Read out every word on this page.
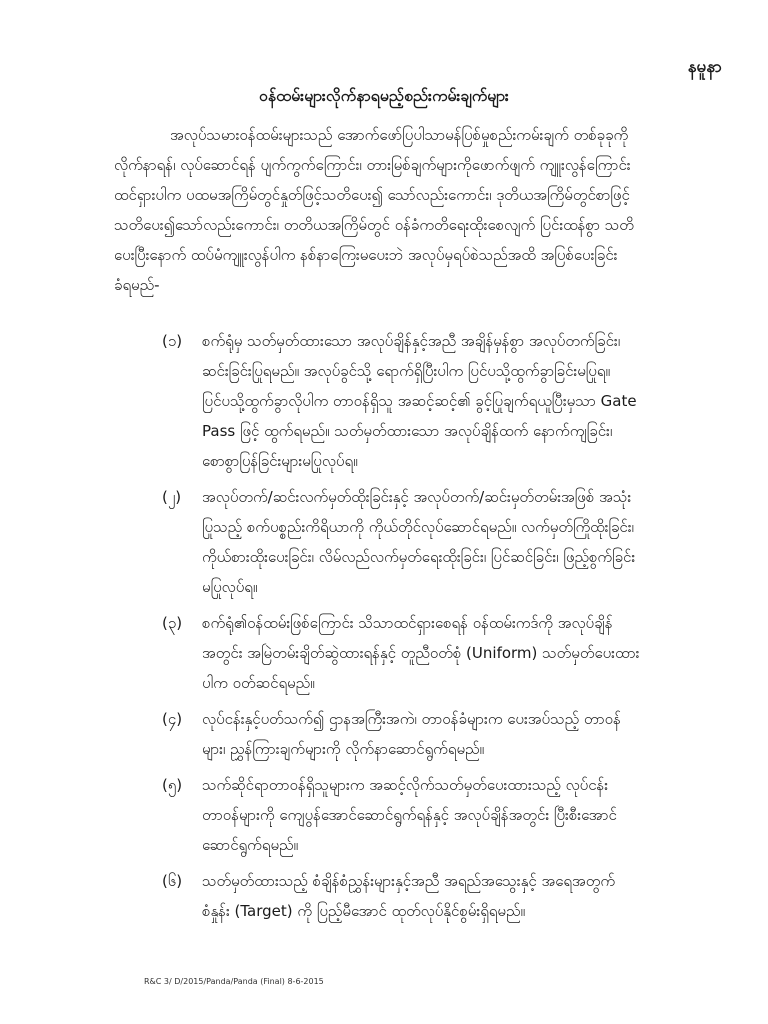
နမူနာ
ဝန်ထမ်းများလိုက်နာရမည့်စည်းကမ်းချက်များ
အလုပ်သမားဝန်ထမ်းများသည် အောက်ဖော်ပြပါသာမန်ပြစ်မှုစည်းကမ်းချက် တစ်ခုခုကို
လိုက်နာရန်၊ လုပ်ဆောင်ရန် ပျက်ကွက်ကြောင်း၊ တားမြစ်ချက်များကိုဖောက်ဖျက် ကျူးလွန်ကြောင်း
ထင်ရှားပါက ပထမအကြိမ်တွင်နှုတ်ဖြင့်သတိပေး၍ သော်လည်းကောင်း၊ ဒုတိယအကြိမ်တွင်စာဖြင့်
သတိပေး၍သော်လည်းကောင်း၊ တတိယအကြိမ်တွင် ဝန်ခံကတိရေးထိုးစေလျက် ပြင်းထန်စွာ သတိ
ပေးပြီးနောက် ထပ်မံကျူးလွန်ပါက နစ်နာကြေးမပေးဘဲ အလုပ်မှရပ်စဲသည်အထိ အပြစ်ပေးခြင်း
ခံရမည်-
(၁) စက်ရုံမှ သတ်မှတ်ထားသော အလုပ်ချိန်နှင့်အညီ အချိန်မှန်စွာ အလုပ်တက်ခြင်း၊
ဆင်းခြင်းပြုရမည်။ အလုပ်ခွင်သို့ ရောက်ရှိပြီးပါက ပြင်ပသို့ထွက်ခွာခြင်းမပြုရ။
ပြင်ပသို့ထွက်ခွာလိုပါက တာဝန်ရှိသူ အဆင့်ဆင့်၏ ခွင့်ပြုချက်ရယူပြီးမှသာ Gate
Pass ဖြင့် ထွက်ရမည်။ သတ်မှတ်ထားသော အလုပ်ချိန်ထက် နောက်ကျခြင်း၊
စောစွာပြန်ခြင်းများမပြုလုပ်ရ။
(၂) အလုပ်တက်/ဆင်းလက်မှတ်ထိုးခြင်းနှင့် အလုပ်တက်/ဆင်းမှတ်တမ်းအဖြစ် အသုံး
ပြုသည့် စက်ပစ္စည်းကိရိယာကို ကိုယ်တိုင်လုပ်ဆောင်ရမည်။ လက်မှတ်ကြိုထိုးခြင်း၊
ကိုယ်စားထိုးပေးခြင်း၊ လိမ်လည်လက်မှတ်ရေးထိုးခြင်း၊ ပြင်ဆင်ခြင်း၊ ဖြည့်စွက်ခြင်း
မပြုလုပ်ရ။
(၃) စက်ရုံ၏ဝန်ထမ်းဖြစ်ကြောင်း သိသာထင်ရှားစေရန် ဝန်ထမ်းကဒ်ကို အလုပ်ချိန်
အတွင်း အမြဲတမ်းချိတ်ဆွဲထားရန်နှင့် တူညီဝတ်စုံ (Uniform) သတ်မှတ်ပေးထား
ပါက ဝတ်ဆင်ရမည်။
(၄) လုပ်ငန်းနှင့်ပတ်သက်၍ ဌာနအကြီးအကဲ၊ တာဝန်ခံများက ပေးအပ်သည့် တာဝန်
များ၊ ညွှန်ကြားချက်များကို လိုက်နာဆောင်ရွက်ရမည်။
(၅) သက်ဆိုင်ရာတာဝန်ရှိသူများက အဆင့်လိုက်သတ်မှတ်ပေးထားသည့် လုပ်ငန်း
တာဝန်များကို ကျေပွန်အောင်ဆောင်ရွက်ရန်နှင့် အလုပ်ချိန်အတွင်း ပြီးစီးအောင်
ဆောင်ရွက်ရမည်။
(၆) သတ်မှတ်ထားသည့် စံချိန်စံညွှန်းများနှင့်အညီ အရည်အသွေးနှင့် အရေအတွက်
စံနှုန်း (Target) ကို ပြည့်မီအောင် ထုတ်လုပ်နိုင်စွမ်းရှိရမည်။
R&C 3/ D/2015/Panda/Panda (Final) 8-6-2015
